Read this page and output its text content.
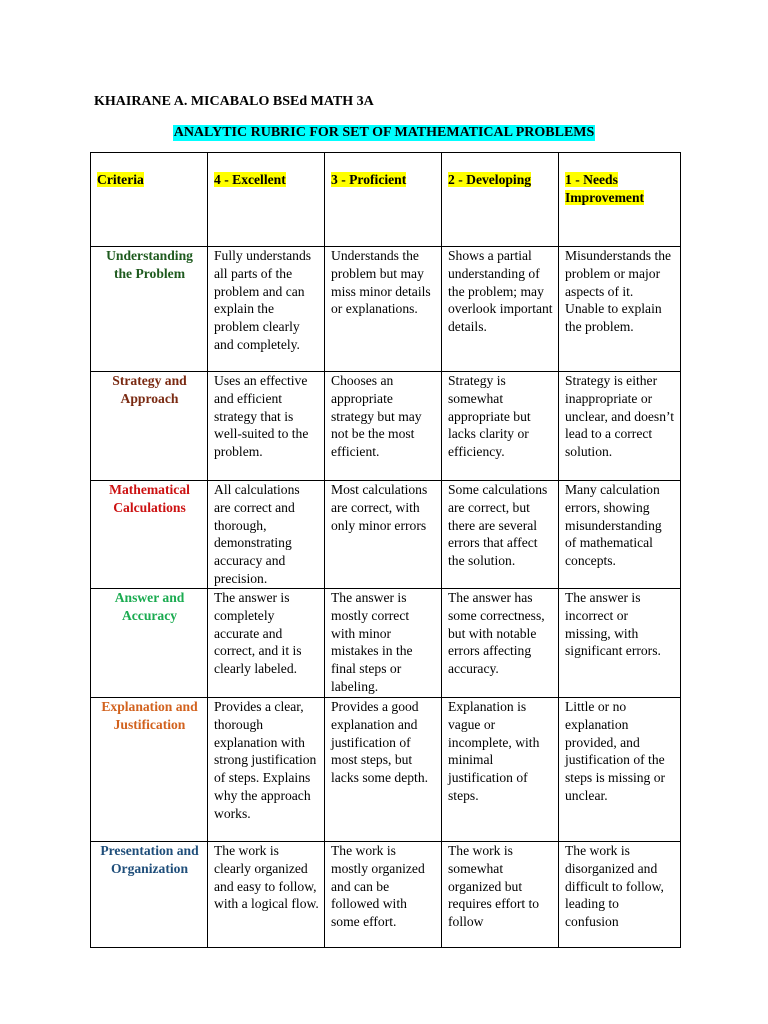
KHAIRANE A. MICABALO BSEd MATH 3A
ANALYTIC RUBRIC FOR SET OF MATHEMATICAL PROBLEMS
Criteria	4 - Excellent	3 - Proficient	2 - Developing	1 - Needs Improvement
Understanding the Problem	Fully understands all parts of the problem and can explain the problem clearly and completely.	Understands the problem but may miss minor details or explanations.	Shows a partial understanding of the problem; may overlook important details.	Misunderstands the problem or major aspects of it. Unable to explain the problem.
Strategy and Approach	Uses an effective and efficient strategy that is well-suited to the problem.	Chooses an appropriate strategy but may not be the most efficient.	Strategy is somewhat appropriate but lacks clarity or efficiency.	Strategy is either inappropriate or unclear, and doesn’t lead to a correct solution.
Mathematical Calculations	All calculations are correct and thorough, demonstrating accuracy and precision.	Most calculations are correct, with only minor errors	Some calculations are correct, but there are several errors that affect the solution.	Many calculation errors, showing misunderstanding of mathematical concepts.
Answer and Accuracy	The answer is completely accurate and correct, and it is clearly labeled.	The answer is mostly correct with minor mistakes in the final steps or labeling.	The answer has some correctness, but with notable errors affecting accuracy.	The answer is incorrect or missing, with significant errors.
Explanation and Justification	Provides a clear, thorough explanation with strong justification of steps. Explains why the approach works.	Provides a good explanation and justification of most steps, but lacks some depth.	Explanation is vague or incomplete, with minimal justification of steps.	Little or no explanation provided, and justification of the steps is missing or unclear.
Presentation and Organization	The work is clearly organized and easy to follow, with a logical flow.	The work is mostly organized and can be followed with some effort.	The work is somewhat organized but requires effort to follow	The work is disorganized and difficult to follow, leading to confusion
